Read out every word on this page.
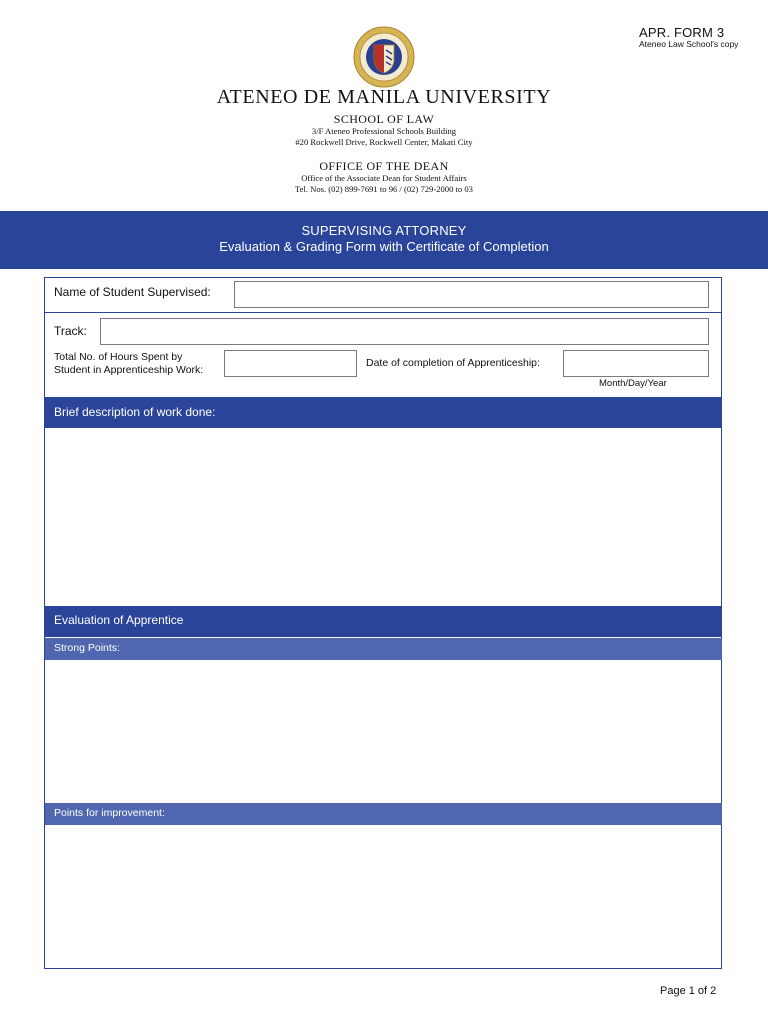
APR. FORM 3
Ateneo Law School's copy
ATENEO DE MANILA UNIVERSITY
SCHOOL OF LAW
3/F Ateneo Professional Schools Building
#20 Rockwell Drive, Rockwell Center, Makati City
OFFICE OF THE DEAN
Office of the Associate Dean for Student Affairs
Tel. Nos. (02) 899-7691 to 96 / (02) 729-2000 to 03
SUPERVISING ATTORNEY
Evaluation & Grading Form with Certificate of Completion
Name of Student Supervised:
Track:
Total No. of Hours Spent by
Student in Apprenticeship Work:
Date of completion of Apprenticeship:
Month/Day/Year
Brief description of work done:
Evaluation of Apprentice
Strong Points:
Points for improvement:
Page 1 of 2
